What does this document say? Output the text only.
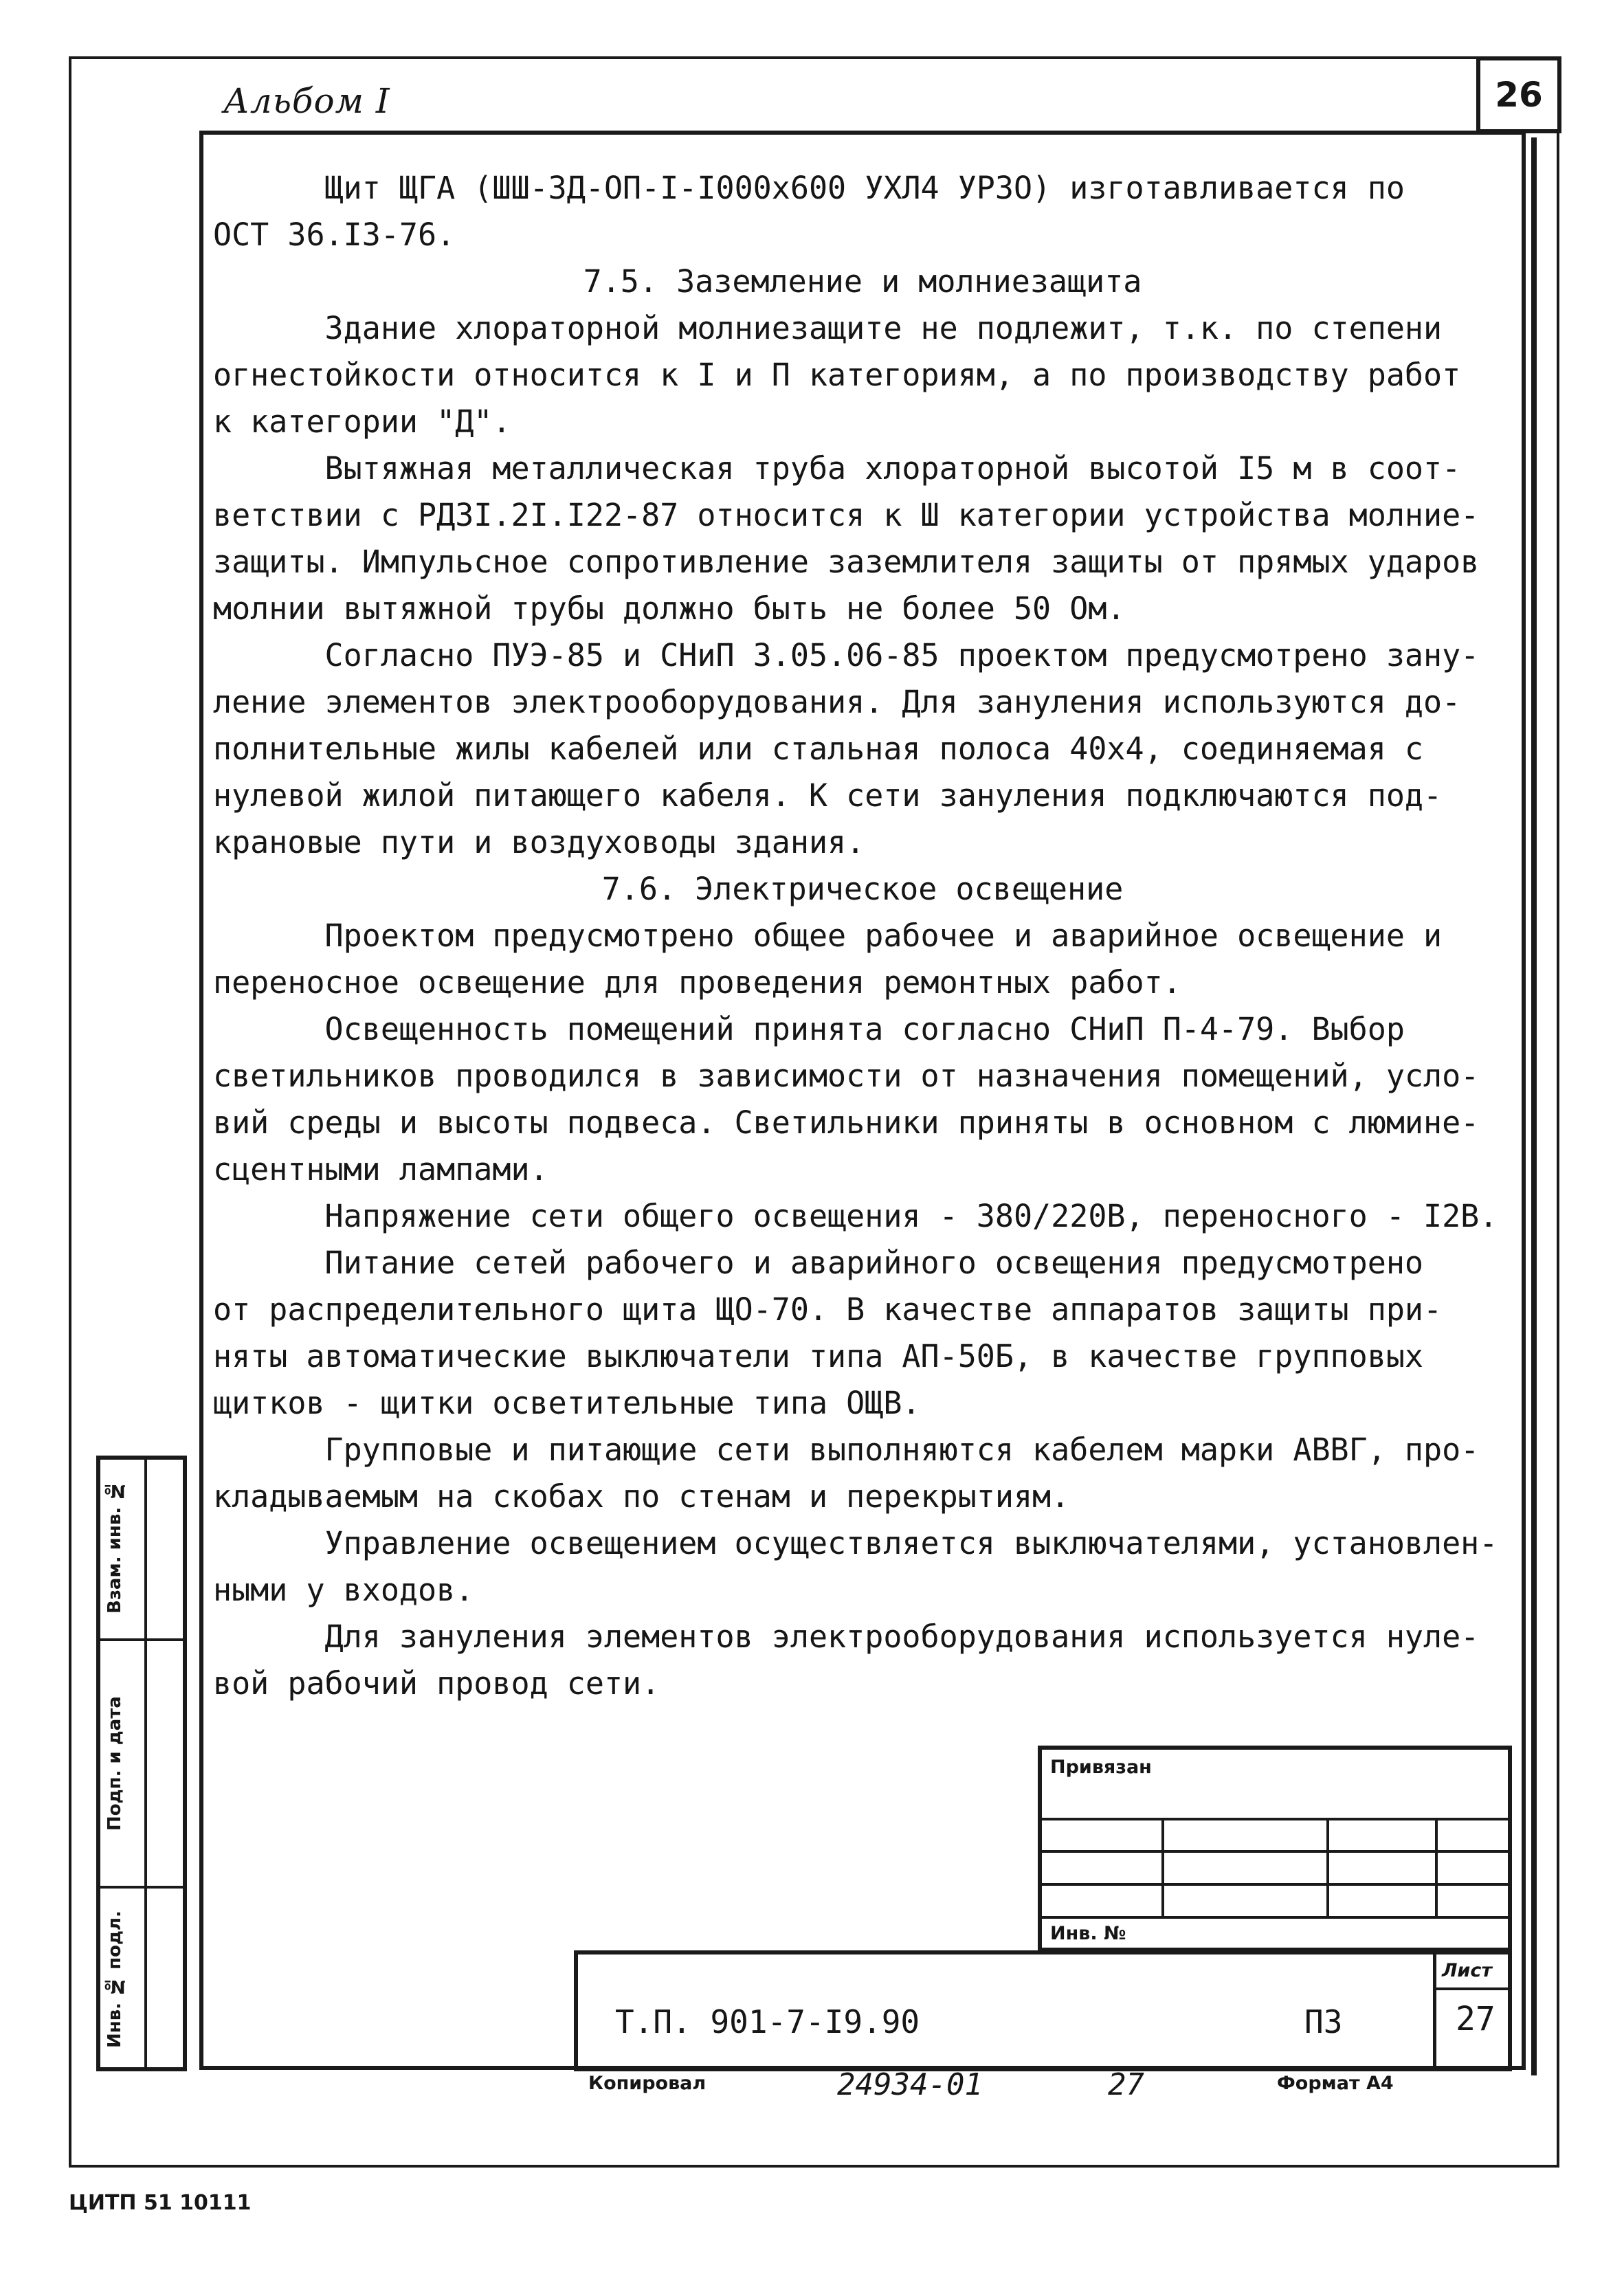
26
Альбом I
Щит ЩГА (ШШ-ЗД-ОП-I-I000х600 УХЛ4 УРЗО) изготавливается по
ОСТ 36.I3-76.
7.5. Заземление и молниезащита
Здание хлораторной молниезащите не подлежит, т.к. по степени
огнестойкости относится к I и П категориям, а по производству работ
к категории "Д".
Вытяжная металлическая труба хлораторной высотой I5 м в соот-
ветствии с РДЗI.2I.I22-87 относится к Ш категории устройства молние-
защиты. Импульсное сопротивление заземлителя защиты от прямых ударов
молнии вытяжной трубы должно быть не более 50 Ом.
Согласно ПУЭ-85 и СНиП 3.05.06-85 проектом предусмотрено зану-
ление элементов электрооборудования. Для зануления используются до-
полнительные жилы кабелей или стальная полоса 40х4, соединяемая с
нулевой жилой питающего кабеля. К сети зануления подключаются под-
крановые пути и воздуховоды здания.
7.6. Электрическое освещение
Проектом предусмотрено общее рабочее и аварийное освещение и
переносное освещение для проведения ремонтных работ.
Освещенность помещений принята согласно СНиП П-4-79. Выбор
светильников проводился в зависимости от назначения помещений, усло-
вий среды и высоты подвеса. Светильники приняты в основном с люмине-
сцентными лампами.
Напряжение сети общего освещения - 380/220В, переносного - I2В.
Питание сетей рабочего и аварийного освещения предусмотрено
от распределительного щита ЩО-70. В качестве аппаратов защиты при-
няты автоматические выключатели типа АП-50Б, в качестве групповых
щитков - щитки осветительные типа ОЩВ.
Групповые и питающие сети выполняются кабелем марки АВВГ, про-
кладываемым на скобах по стенам и перекрытиям.
Управление освещением осуществляется выключателями, установлен-
ными у входов.
Для зануления элементов электрооборудования используется нуле-
вой рабочий провод сети.
Взам. инв. №
Подп. и дата
Инв. № подл.
Привязан
Инв. №
Т.П. 901-7-I9.90	ПЗ
Лист
27
Копировал	24934-01	27	Формат А4
ЦИТП 51 10111
